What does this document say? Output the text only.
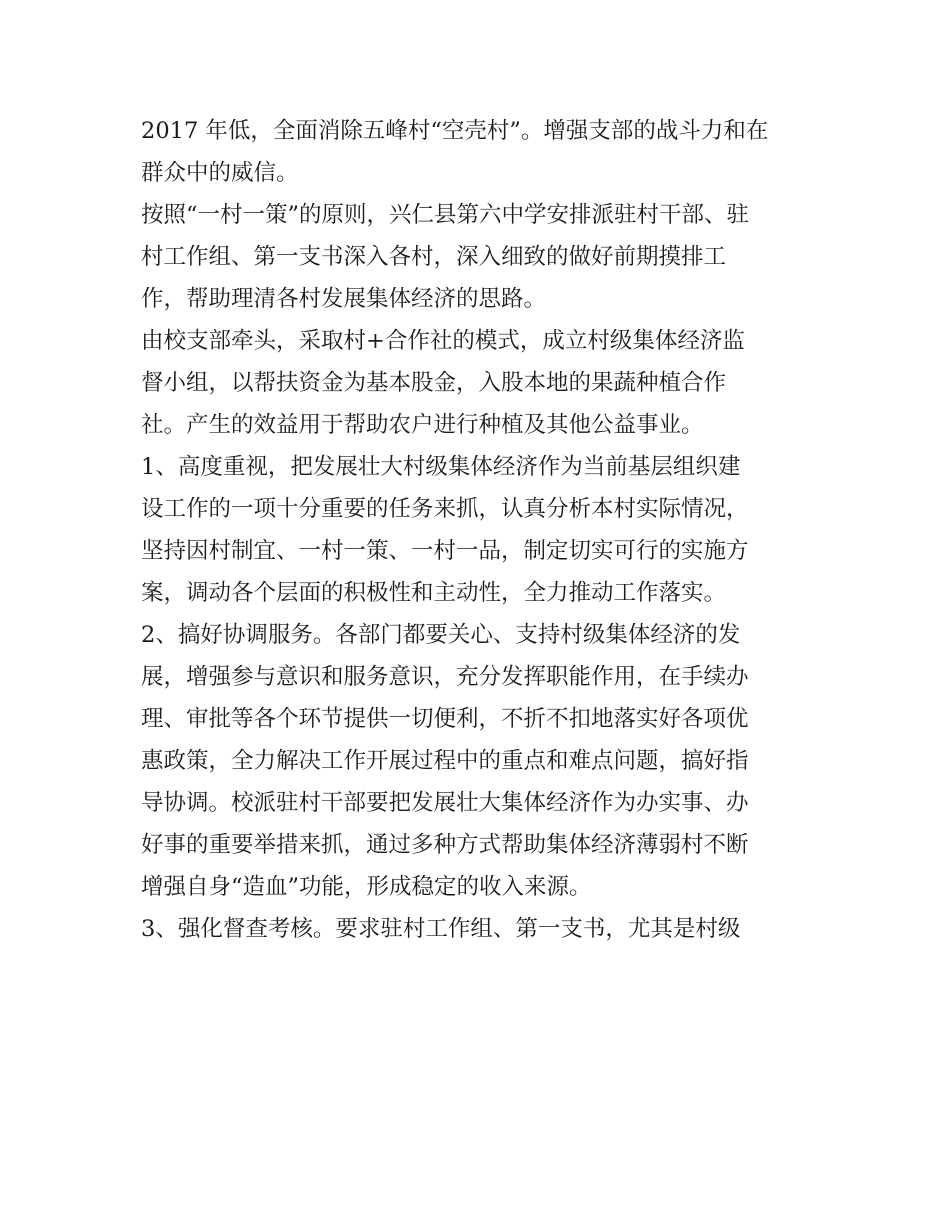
2017 年低，全面消除五峰村“空壳村”。增强支部的战斗力和在
群众中的威信。
按照“一村一策”的原则，兴仁县第六中学安排派驻村干部、驻
村工作组、第一支书深入各村，深入细致的做好前期摸排工
作，帮助理清各村发展集体经济的思路。
由校支部牵头，采取村+合作社的模式，成立村级集体经济监
督小组，以帮扶资金为基本股金，入股本地的果蔬种植合作
社。产生的效益用于帮助农户进行种植及其他公益事业。
1、高度重视，把发展壮大村级集体经济作为当前基层组织建
设工作的一项十分重要的任务来抓，认真分析本村实际情况，
坚持因村制宜、一村一策、一村一品，制定切实可行的实施方
案，调动各个层面的积极性和主动性，全力推动工作落实。
2、搞好协调服务。各部门都要关心、支持村级集体经济的发
展，增强参与意识和服务意识，充分发挥职能作用，在手续办
理、审批等各个环节提供一切便利，不折不扣地落实好各项优
惠政策，全力解决工作开展过程中的重点和难点问题，搞好指
导协调。校派驻村干部要把发展壮大集体经济作为办实事、办
好事的重要举措来抓，通过多种方式帮助集体经济薄弱村不断
增强自身“造血”功能，形成稳定的收入来源。
3、强化督查考核。要求驻村工作组、第一支书，尤其是村级
